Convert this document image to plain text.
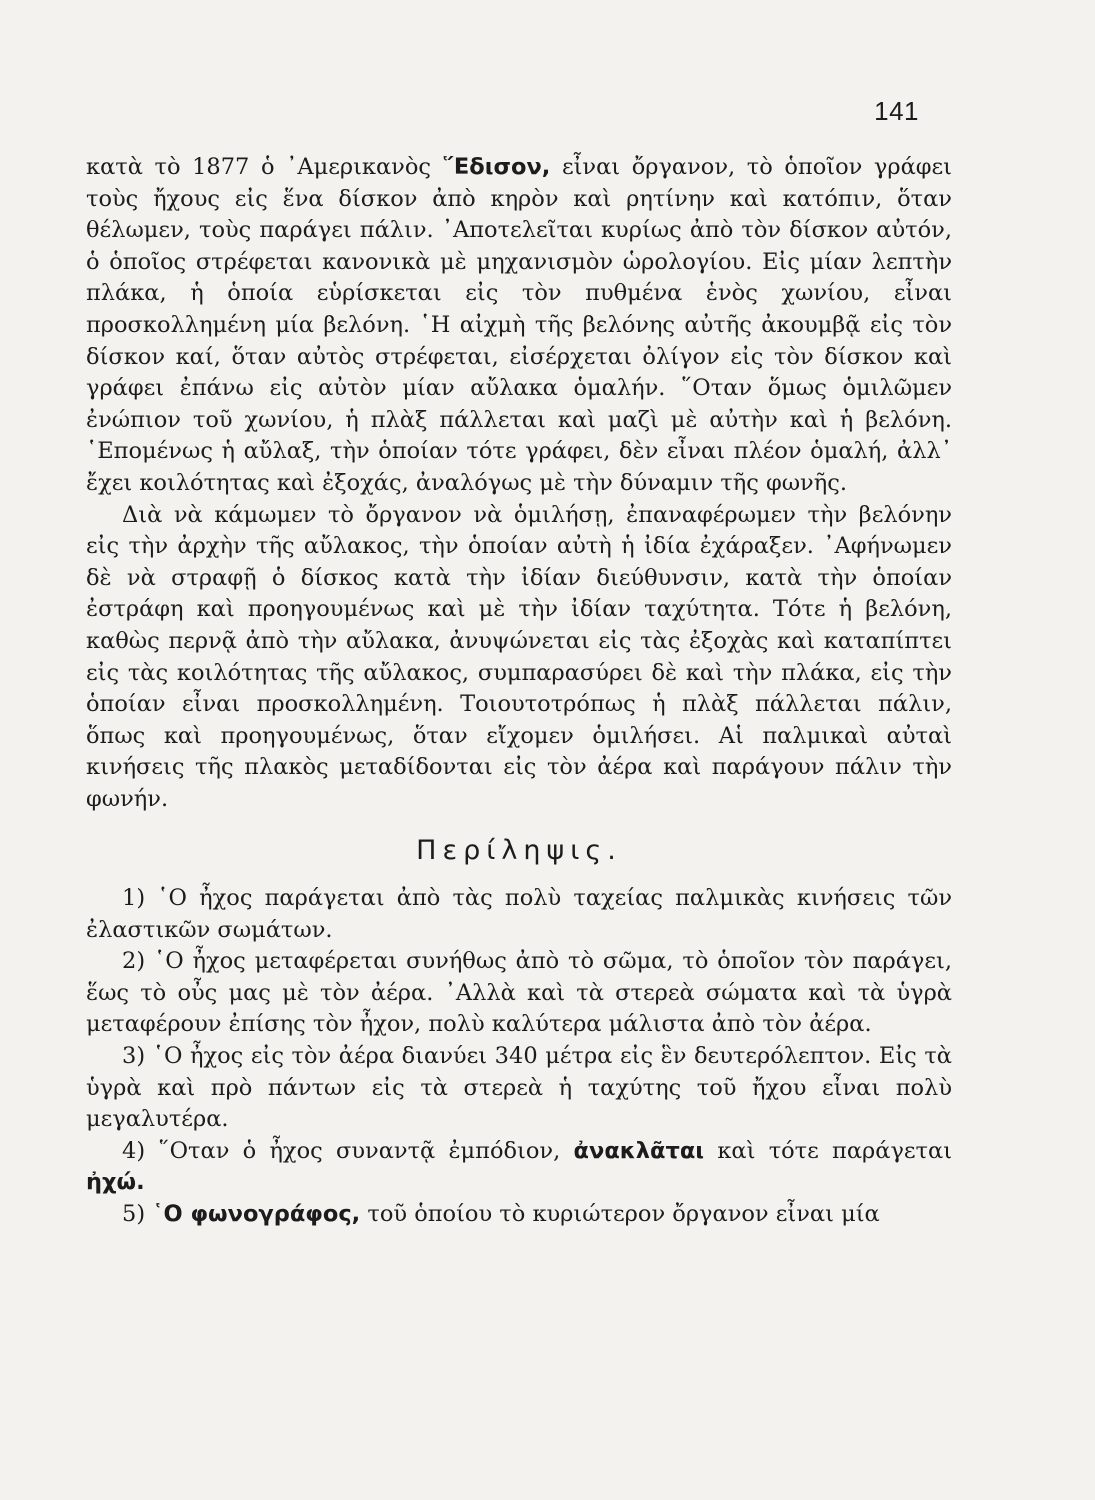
141

κατὰ τὸ 1877 ὁ ᾿Αμερικανὸς ῞Εδισον, εἶναι ὄργανον, τὸ ὁποῖον γράφει τοὺς ἤχους εἰς ἕνα δίσκον ἀπὸ κηρὸν καὶ ρητίνην καὶ κατόπιν, ὅταν θέλωμεν, τοὺς παράγει πάλιν. ᾿Αποτελεῖται κυρίως ἀπὸ τὸν δίσκον αὐτόν, ὁ ὁποῖος στρέφεται κανονικὰ μὲ μηχανισμὸν ὡρολογίου. Εἰς μίαν λεπτὴν πλάκα, ἡ ὁποία εὑρίσκεται εἰς τὸν πυθμένα ἑνὸς χωνίου, εἶναι προσκολλημένη μία βελόνη. ῾Η αἰχμὴ τῆς βελόνης αὐτῆς ἀκουμβᾷ εἰς τὸν δίσκον καί, ὅταν αὐτὸς στρέφεται, εἰσέρχεται ὀλίγον εἰς τὸν δίσκον καὶ γράφει ἐπάνω εἰς αὐτὸν μίαν αὔλακα ὁμαλήν. ῞Οταν ὅμως ὁμιλῶμεν ἐνώπιον τοῦ χωνίου, ἡ πλὰξ πάλλεται καὶ μαζὶ μὲ αὐτὴν καὶ ἡ βελόνη. ῾Επομένως ἡ αὔλαξ, τὴν ὁποίαν τότε γράφει, δὲν εἶναι πλέον ὁμαλή, ἀλλ᾿ ἔχει κοιλότητας καὶ ἐξοχάς, ἀναλόγως μὲ τὴν δύναμιν τῆς φωνῆς.

Διὰ νὰ κάμωμεν τὸ ὄργανον νὰ ὁμιλήσῃ, ἐπαναφέρωμεν τὴν βελόνην εἰς τὴν ἀρχὴν τῆς αὔλακος, τὴν ὁποίαν αὐτὴ ἡ ἰδία ἐχάραξεν. ᾿Αφήνωμεν δὲ νὰ στραφῇ ὁ δίσκος κατὰ τὴν ἰδίαν διεύθυνσιν, κατὰ τὴν ὁποίαν ἐστράφη καὶ προηγουμένως καὶ μὲ τὴν ἰδίαν ταχύτητα. Τότε ἡ βελόνη, καθὼς περνᾷ ἀπὸ τὴν αὔλακα, ἀνυψώνεται εἰς τὰς ἐξοχὰς καὶ καταπίπτει εἰς τὰς κοιλότητας τῆς αὔλακος, συμπαρασύρει δὲ καὶ τὴν πλάκα, εἰς τὴν ὁποίαν εἶναι προσκολλημένη. Τοιουτοτρόπως ἡ πλὰξ πάλλεται πάλιν, ὅπως καὶ προηγουμένως, ὅταν εἴχομεν ὁμιλήσει. Αἱ παλμικαὶ αὐταὶ κινήσεις τῆς πλακὸς μεταδίδονται εἰς τὸν ἀέρα καὶ παράγουν πάλιν τὴν φωνήν.

Περίληψις.

1) ῾Ο ἦχος παράγεται ἀπὸ τὰς πολὺ ταχείας παλμικὰς κινήσεις τῶν ἐλαστικῶν σωμάτων.

2) ῾Ο ἦχος μεταφέρεται συνήθως ἀπὸ τὸ σῶμα, τὸ ὁποῖον τὸν παράγει, ἕως τὸ οὖς μας μὲ τὸν ἀέρα. ᾿Αλλὰ καὶ τὰ στερεὰ σώματα καὶ τὰ ὑγρὰ μεταφέρουν ἐπίσης τὸν ἦχον, πολὺ καλύτερα μάλιστα ἀπὸ τὸν ἀέρα.

3) ῾Ο ἦχος εἰς τὸν ἀέρα διανύει 340 μέτρα εἰς ἓν δευτερόλεπτον. Εἰς τὰ ὑγρὰ καὶ πρὸ πάντων εἰς τὰ στερεὰ ἡ ταχύτης τοῦ ἤχου εἶναι πολὺ μεγαλυτέρα.

4) ῞Οταν ὁ ἦχος συναντᾷ ἐμπόδιον, ἀνακλᾶται καὶ τότε παράγεται ἠχώ.

5) ῾Ο φωνογράφος, τοῦ ὁποίου τὸ κυριώτερον ὄργανον εἶναι μία
